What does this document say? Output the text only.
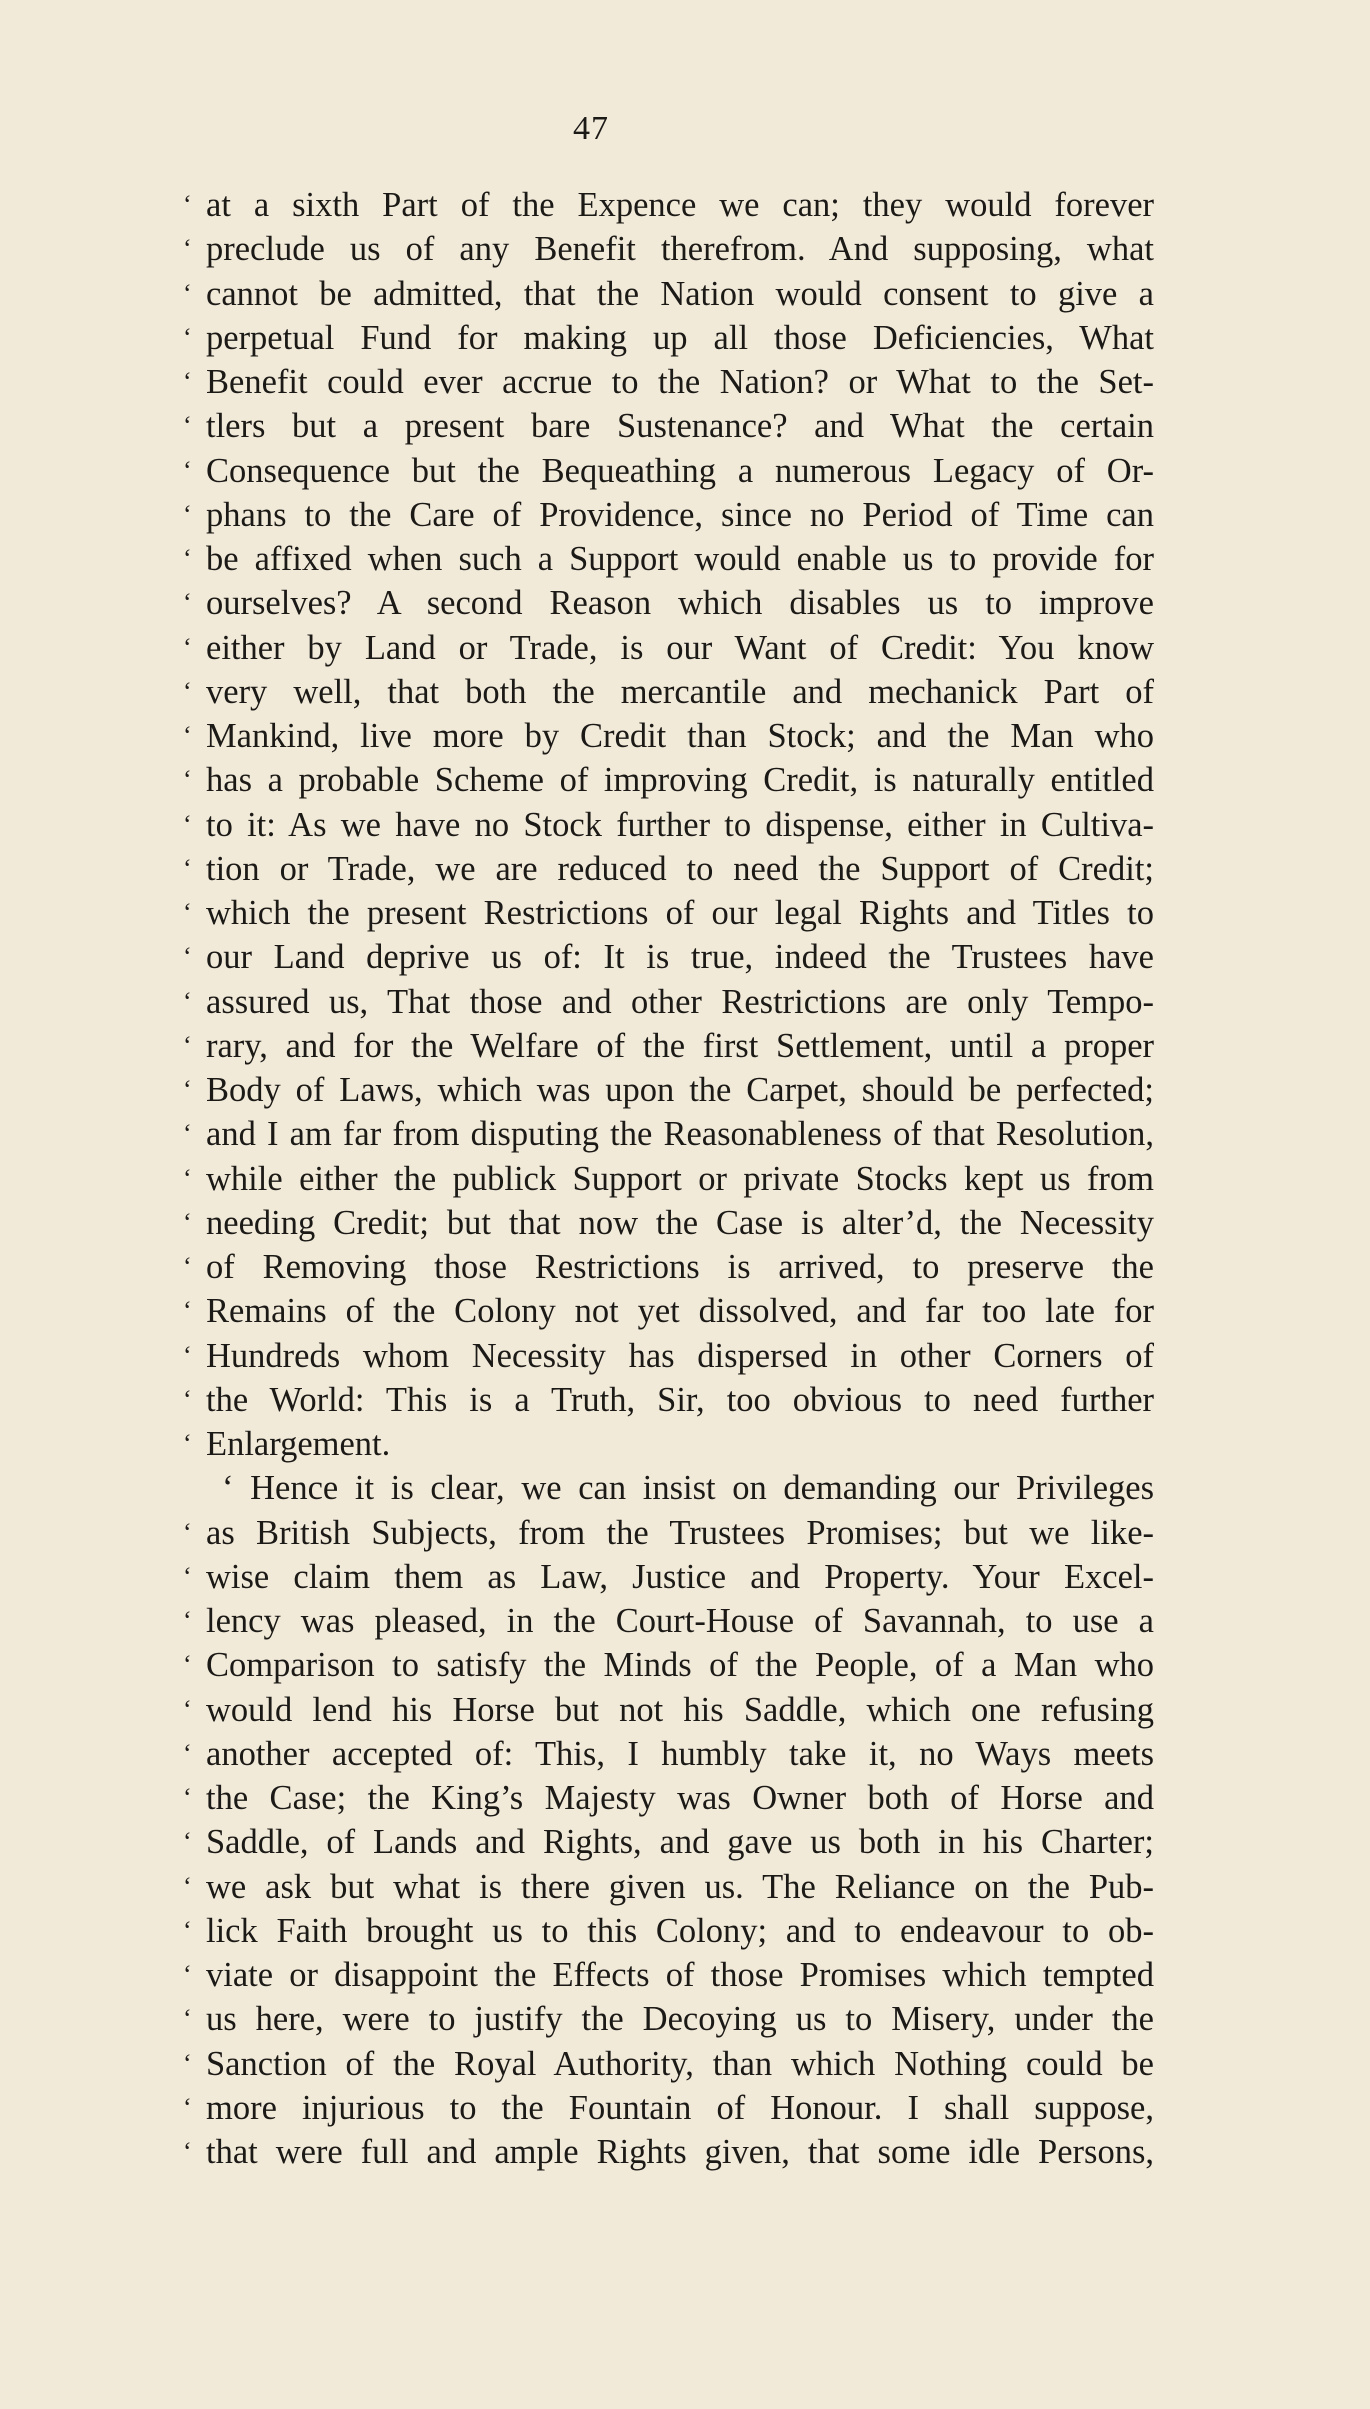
47
‘ at a sixth Part of the Expence we can; they would forever
‘ preclude us of any Benefit therefrom. And supposing, what
‘ cannot be admitted, that the Nation would consent to give a
‘ perpetual Fund for making up all those Deficiencies, What
‘ Benefit could ever accrue to the Nation? or What to the Set-
‘ tlers but a present bare Sustenance? and What the certain
‘ Consequence but the Bequeathing a numerous Legacy of Or-
‘ phans to the Care of Providence, since no Period of Time can
‘ be affixed when such a Support would enable us to provide for
‘ ourselves? A second Reason which disables us to improve
‘ either by Land or Trade, is our Want of Credit: You know
‘ very well, that both the mercantile and mechanick Part of
‘ Mankind, live more by Credit than Stock; and the Man who
‘ has a probable Scheme of improving Credit, is naturally entitled
‘ to it: As we have no Stock further to dispense, either in Cultiva-
‘ tion or Trade, we are reduced to need the Support of Credit;
‘ which the present Restrictions of our legal Rights and Titles to
‘ our Land deprive us of: It is true, indeed the Trustees have
‘ assured us, That those and other Restrictions are only Tempo-
‘ rary, and for the Welfare of the first Settlement, until a proper
‘ Body of Laws, which was upon the Carpet, should be perfected;
‘ and I am far from disputing the Reasonableness of that Resolution,
‘ while either the publick Support or private Stocks kept us from
‘ needing Credit; but that now the Case is alter’d, the Necessity
‘ of Removing those Restrictions is arrived, to preserve the
‘ Remains of the Colony not yet dissolved, and far too late for
‘ Hundreds whom Necessity has dispersed in other Corners of
‘ the World: This is a Truth, Sir, too obvious to need further
‘ Enlargement.
‘ Hence it is clear, we can insist on demanding our Privileges
‘ as British Subjects, from the Trustees Promises; but we like-
‘ wise claim them as Law, Justice and Property. Your Excel-
‘ lency was pleased, in the Court-House of Savannah, to use a
‘ Comparison to satisfy the Minds of the People, of a Man who
‘ would lend his Horse but not his Saddle, which one refusing
‘ another accepted of: This, I humbly take it, no Ways meets
‘ the Case; the King’s Majesty was Owner both of Horse and
‘ Saddle, of Lands and Rights, and gave us both in his Charter;
‘ we ask but what is there given us. The Reliance on the Pub-
‘ lick Faith brought us to this Colony; and to endeavour to ob-
‘ viate or disappoint the Effects of those Promises which tempted
‘ us here, were to justify the Decoying us to Misery, under the
‘ Sanction of the Royal Authority, than which Nothing could be
‘ more injurious to the Fountain of Honour. I shall suppose,
‘ that were full and ample Rights given, that some idle Persons,
